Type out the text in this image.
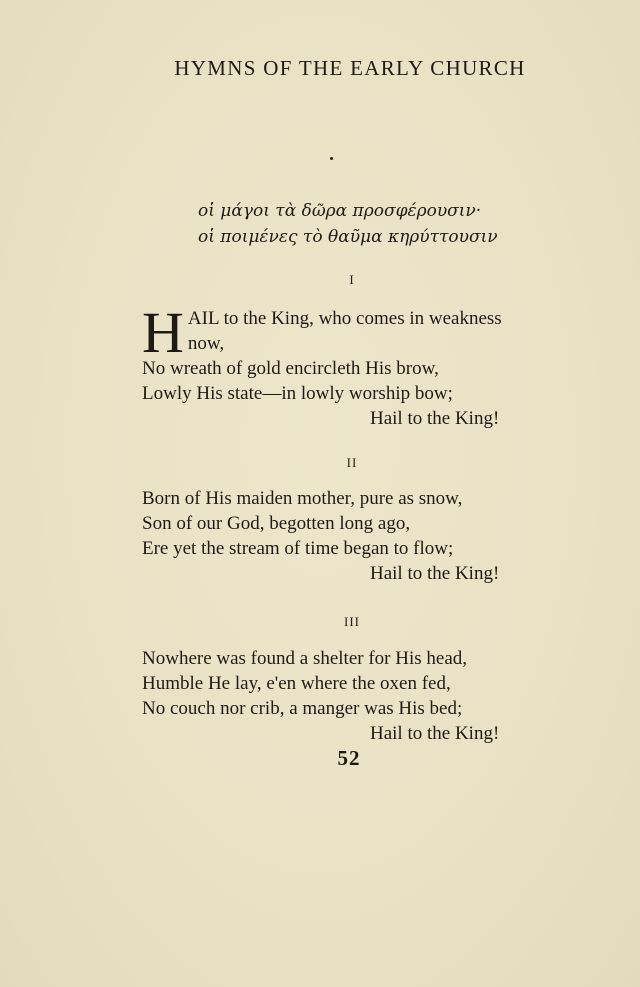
HYMNS OF THE EARLY CHURCH
οἱ μάγοι τὰ δῶρα προσφέρουσιν·
οἱ ποιμένες τὸ θαῦμα κηρύττουσιν
I
H AIL to the King, who comes in weakness
now,
No wreath of gold encircleth His brow,
Lowly His state—in lowly worship bow;
Hail to the King!
II
Born of His maiden mother, pure as snow,
Son of our God, begotten long ago,
Ere yet the stream of time began to flow;
Hail to the King!
III
Nowhere was found a shelter for His head,
Humble He lay, e'en where the oxen fed,
No couch nor crib, a manger was His bed;
Hail to the King!
52
